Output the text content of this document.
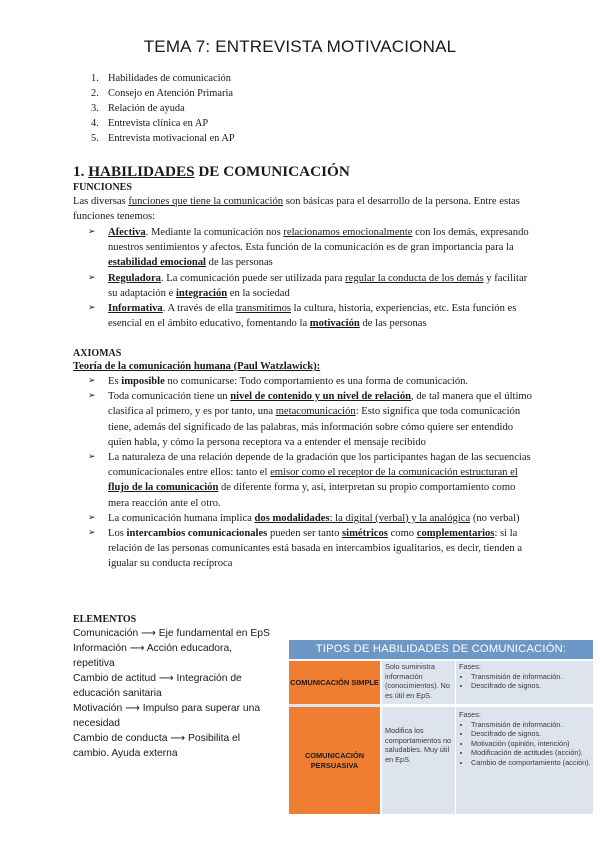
TEMA 7: ENTREVISTA MOTIVACIONAL
1. Habilidades de comunicación
2. Consejo en Atención Primaria
3. Relación de ayuda
4. Entrevista clínica en AP
5. Entrevista motivacional en AP
1. HABILIDADES DE COMUNICACIÓN
FUNCIONES
Las diversas funciones que tiene la comunicación son básicas para el desarrollo de la persona. Entre estas funciones tenemos:
➢ Afectiva. Mediante la comunicación nos relacionamos emocionalmente con los demás, expresando nuestros sentimientos y afectos. Esta función de la comunicación es de gran importancia para la estabilidad emocional de las personas
➢ Reguladora. La comunicación puede ser utilizada para regular la conducta de los demás y facilitar su adaptación e integración en la sociedad
➢ Informativa. A través de ella transmitimos la cultura, historia, experiencias, etc. Esta función es esencial en el ámbito educativo, fomentando la motivación de las personas
AXIOMAS
Teoría de la comunicación humana (Paul Watzlawick):
➢ Es imposible no comunicarse: Todo comportamiento es una forma de comunicación.
➢ Toda comunicación tiene un nivel de contenido y un nivel de relación, de tal manera que el último clasifica al primero, y es por tanto, una metacomunicación: Esto significa que toda comunicación tiene, además del significado de las palabras, más información sobre cómo quiere ser entendido quien habla, y cómo la persona receptora va a entender el mensaje recibido
➢ La naturaleza de una relación depende de la gradación que los participantes hagan de las secuencias comunicacionales entre ellos: tanto el emisor como el receptor de la comunicación estructuran el flujo de la comunicación de diferente forma y, así, interpretan su propio comportamiento como mera reacción ante el otro.
➢ La comunicación humana implica dos modalidades: la digital (verbal) y la analógica (no verbal)
➢ Los intercambios comunicacionales pueden ser tanto simétricos como complementarios: si la relación de las personas comunicantes está basada en intercambios igualitarios, es decir, tienden a igualar su conducta recíproca
ELEMENTOS
Comunicación ⟶ Eje fundamental en EpS
Información ⟶ Acción educadora, repetitiva
Cambio de actitud ⟶ Integración de educación sanitaria
Motivación ⟶ Impulso para superar una necesidad
Cambio de conducta ⟶ Posibilita el cambio. Ayuda externa
TIPOS DE HABILIDADES DE COMUNICACIÓN:
COMUNICACIÓN SIMPLE
COMUNICACIÓN PERSUASIVA
Solo suministra información (conocimientos). No es útil en EpS.
Fases:
• Transmisión de información.
• Descifrado de signos.
Modifica los comportamientos no saludables. Muy útil en EpS.
Fases:
• Transmisión de información.
• Descifrado de signos.
• Motivación (opinión, intención)
• Modificación de actitudes (acción).
• Cambio de comportamiento (acción).
